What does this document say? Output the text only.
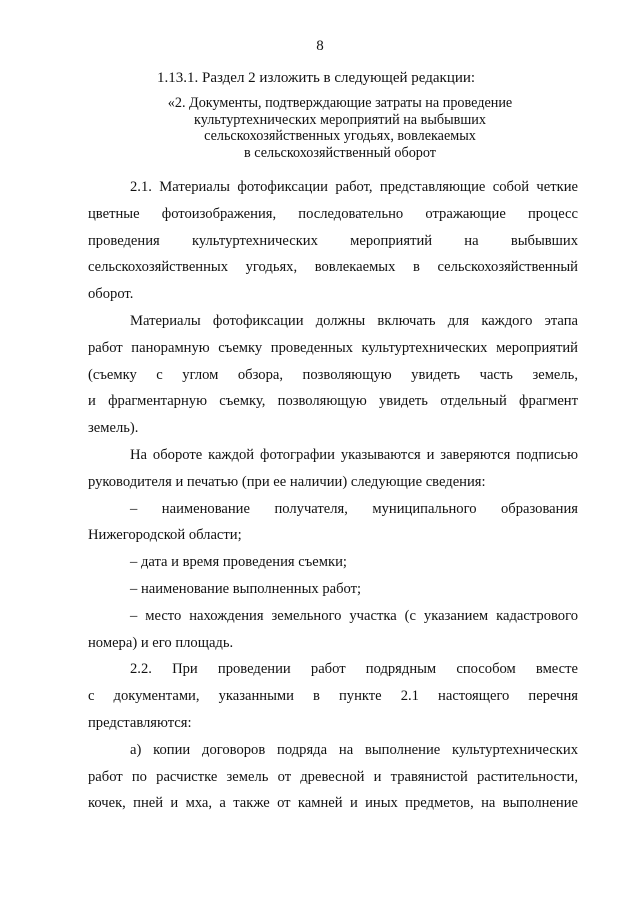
8
1.13.1. Раздел 2 изложить в следующей редакции:
«2. Документы, подтверждающие затраты на проведение
культуртехнических мероприятий на выбывших
сельскохозяйственных угодьях, вовлекаемых
в сельскохозяйственный оборот

2.1. Материалы фотофиксации работ, представляющие собой четкие
цветные фотоизображения, последовательно отражающие процесс
проведения культуртехнических мероприятий на выбывших
сельскохозяйственных угодьях, вовлекаемых в сельскохозяйственный
оборот.

Материалы фотофиксации должны включать для каждого этапа
работ панорамную съемку проведенных культуртехнических мероприятий
(съемку с углом обзора, позволяющую увидеть часть земель,
и фрагментарную съемку, позволяющую увидеть отдельный фрагмент
земель).

На обороте каждой фотографии указываются и заверяются подписью
руководителя и печатью (при ее наличии) следующие сведения:

– наименование получателя, муниципального образования
Нижегородской области;

– дата и время проведения съемки;

– наименование выполненных работ;

– место нахождения земельного участка (с указанием кадастрового
номера) и его площадь.

2.2. При проведении работ подрядным способом вместе
с документами, указанными в пункте 2.1 настоящего перечня
представляются:

а) копии договоров подряда на выполнение культуртехнических
работ по расчистке земель от древесной и травянистой растительности,
кочек, пней и мха, а также от камней и иных предметов, на выполнение
